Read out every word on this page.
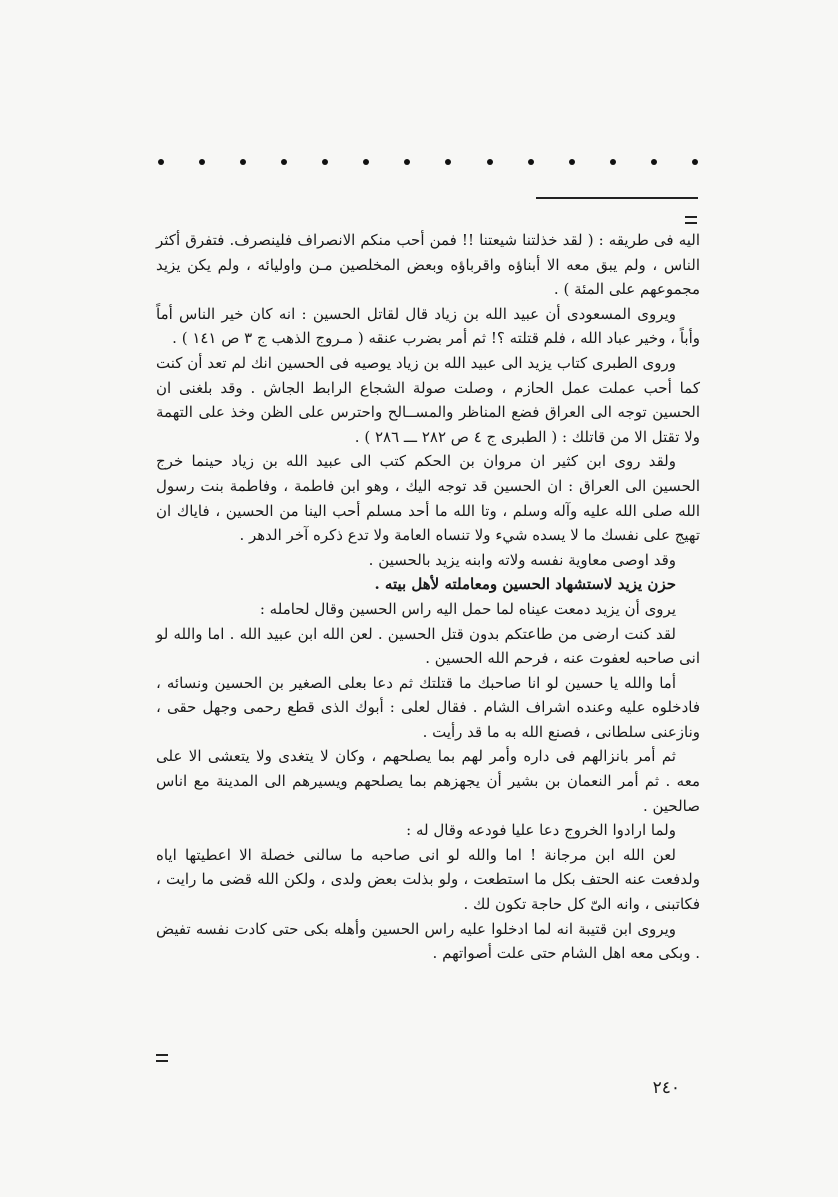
اليه فى طريقه : ( لقد خذلتنا شيعتنا !! فمن أحب منكم الانصراف فلينصرف. فتفرق أكثر الناس ، ولم يبق معه الا أبناؤه واقرباؤه وبعض المخلصين مـن واوليائه ، ولم يكن يزيد مجموعهم على المئة ) .

ويروى المسعودى أن عبيد الله بن زياد قال لقاتل الحسين : انه كان خير الناس أماً وأباً ، وخير عباد الله ، فلم قتلته ؟! ثم أمر بضرب عنقه ( مـروج الذهب ج ٣ ص ١٤١ ) .

وروى الطبرى كتاب يزيد الى عبيد الله بن زياد يوصيه فى الحسين انك لم تعد أن كنت كما أحب عملت عمل الحازم ، وصلت صولة الشجاع الرابط الجاش . وقد بلغنى ان الحسين توجه الى العراق فضع المناظر والمســالح واحترس على الظن وخذ على التهمة ولا تقتل الا من قاتلك : ( الطبرى ج ٤ ص ٢٨٢ ـــ ٢٨٦ ) .

ولقد روى ابن كثير ان مروان بن الحكم كتب الى عبيد الله بن زياد حينما خرج الحسين الى العراق : ان الحسين قد توجه اليك ، وهو ابن فاطمة ، وفاطمة بنت رسول الله صلى الله عليه وآله وسلم ، وتا الله ما أحد مسلم أحب الينا من الحسين ، فاياك ان تهيج على نفسك ما لا يسده شيء ولا تنساه العامة ولا تدع ذكره آخر الدهر .

وقد اوصى معاوية نفسه ولاته وابنه يزيد بالحسين .

حزن يزيد لاستشهاد الحسين ومعاملته لأهل بيته .

يروى أن يزيد دمعت عيناه لما حمل اليه راس الحسين وقال لحامله :

لقد كنت ارضى من طاعتكم بدون قتل الحسين . لعن الله ابن عبيد الله . اما والله لو انى صاحبه لعفوت عنه ، فرحم الله الحسين .

أما والله يا حسين لو انا صاحبك ما قتلتك ثم دعا بعلى الصغير بن الحسين ونسائه ، فادخلوه عليه وعنده اشراف الشام . فقال لعلى : أبوك الذى قطع رحمى وجهل حقى ، ونازعنى سلطانى ، فصنع الله به ما قد رأيت .

ثم أمر بانزالهم فى داره وأمر لهم بما يصلحهم ، وكان لا يتغدى ولا يتعشى الا على معه . ثم أمر النعمان بن بشير أن يجهزهم بما يصلحهم ويسيرهم الى المدينة مع اناس صالحين .

ولما ارادوا الخروج دعا عليا فودعه وقال له :

لعن الله ابن مرجانة ! اما والله لو انى صاحبه ما سالنى خصلة الا اعطيتها اياه ولدفعت عنه الحتف بكل ما استطعت ، ولو بذلت بعض ولدى ، ولكن الله قضى ما رايت ، فكاتبنى ، وانه الىّ كل حاجة تكون لك .

ويروى ابن قتيبة انه لما ادخلوا عليه راس الحسين وأهله بكى حتى كادت نفسه تفيض . وبكى معه اهل الشام حتى علت أصواتهم .

٢٤٠
